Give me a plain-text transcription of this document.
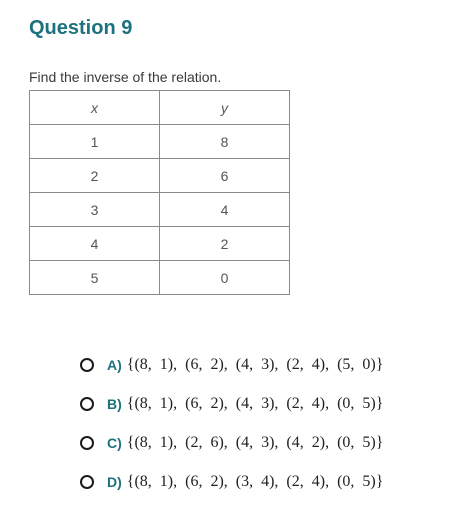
Question 9

Find the inverse of the relation.

x	y
1	8
2	6
3	4
4	2
5	0
A) {(8, 1), (6, 2), (4, 3), (2, 4), (5, 0)}
B) {(8, 1), (6, 2), (4, 3), (2, 4), (0, 5)}
C) {(8, 1), (2, 6), (4, 3), (4, 2), (0, 5)}
D) {(8, 1), (6, 2), (3, 4), (2, 4), (0, 5)}
